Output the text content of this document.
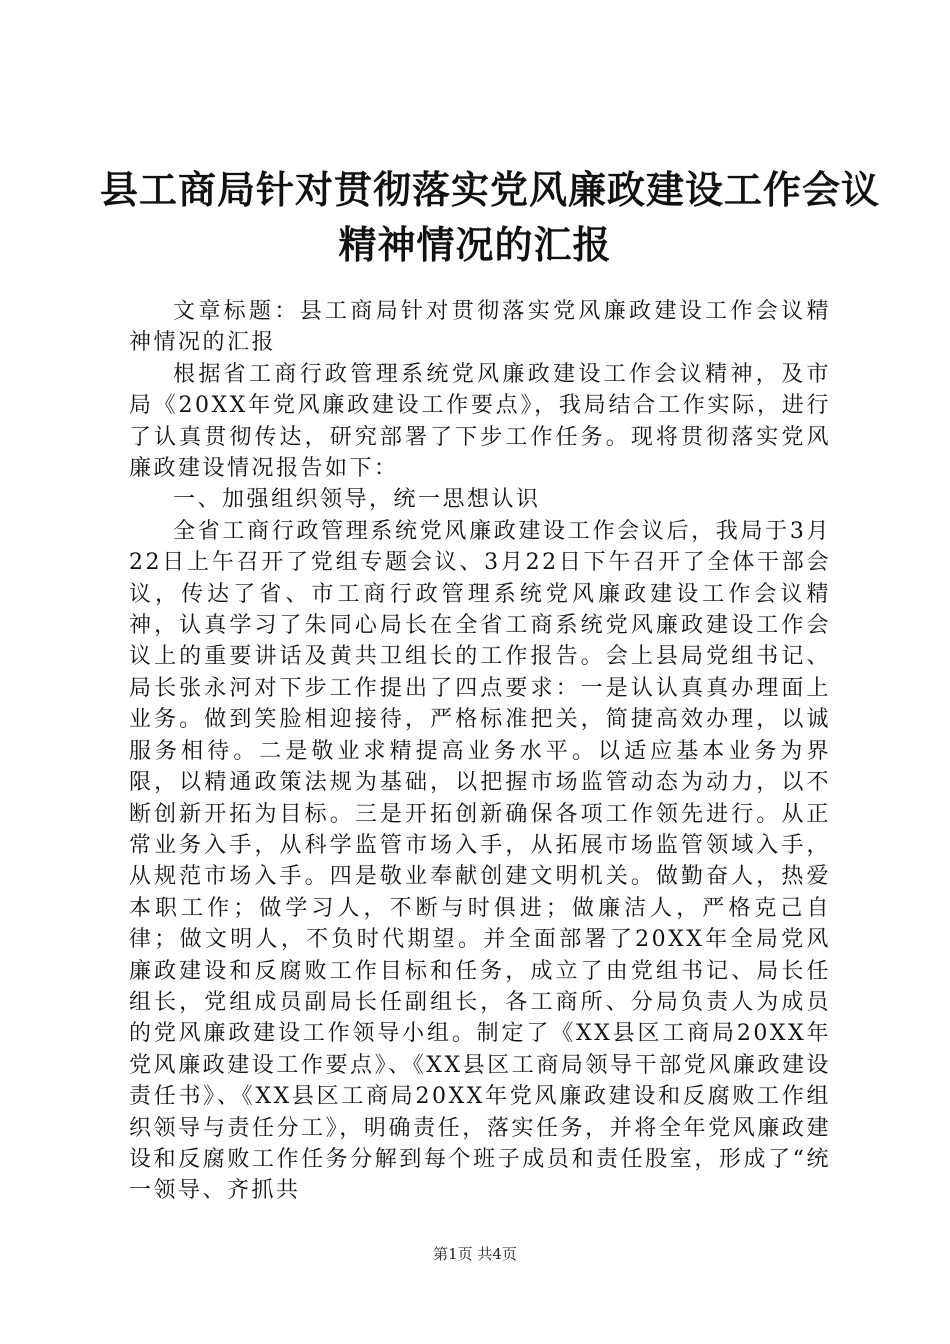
县工商局针对贯彻落实党风廉政建设工作会议
精神情况的汇报

文章标题：县工商局针对贯彻落实党风廉政建设工作会议精神情况的汇报

根据省工商行政管理系统党风廉政建设工作会议精神，及市局《20XX年党风廉政建设工作要点》，我局结合工作实际，进行了认真贯彻传达，研究部署了下步工作任务。现将贯彻落实党风廉政建设情况报告如下：

一、加强组织领导，统一思想认识

全省工商行政管理系统党风廉政建设工作会议后，我局于3月22日上午召开了党组专题会议、3月22日下午召开了全体干部会议，传达了省、市工商行政管理系统党风廉政建设工作会议精神，认真学习了朱同心局长在全省工商系统党风廉政建设工作会议上的重要讲话及黄共卫组长的工作报告。会上县局党组书记、局长张永河对下步工作提出了四点要求：一是认认真真办理面上业务。做到笑脸相迎接待，严格标准把关，简捷高效办理，以诚服务相待。二是敬业求精提高业务水平。以适应基本业务为界限，以精通政策法规为基础，以把握市场监管动态为动力，以不断创新开拓为目标。三是开拓创新确保各项工作领先进行。从正常业务入手，从科学监管市场入手，从拓展市场监管领域入手，从规范市场入手。四是敬业奉献创建文明机关。做勤奋人，热爱本职工作；做学习人，不断与时俱进；做廉洁人，严格克己自律；做文明人，不负时代期望。并全面部署了20XX年全局党风廉政建设和反腐败工作目标和任务，成立了由党组书记、局长任组长，党组成员副局长任副组长，各工商所、分局负责人为成员的党风廉政建设工作领导小组。制定了《XX县区工商局20XX年党风廉政建设工作要点》、《XX县区工商局领导干部党风廉政建设责任书》、《XX县区工商局20XX年党风廉政建设和反腐败工作组织领导与责任分工》，明确责任，落实任务，并将全年党风廉政建设和反腐败工作任务分解到每个班子成员和责任股室，形成了“统一领导、齐抓共

第1页 共4页
